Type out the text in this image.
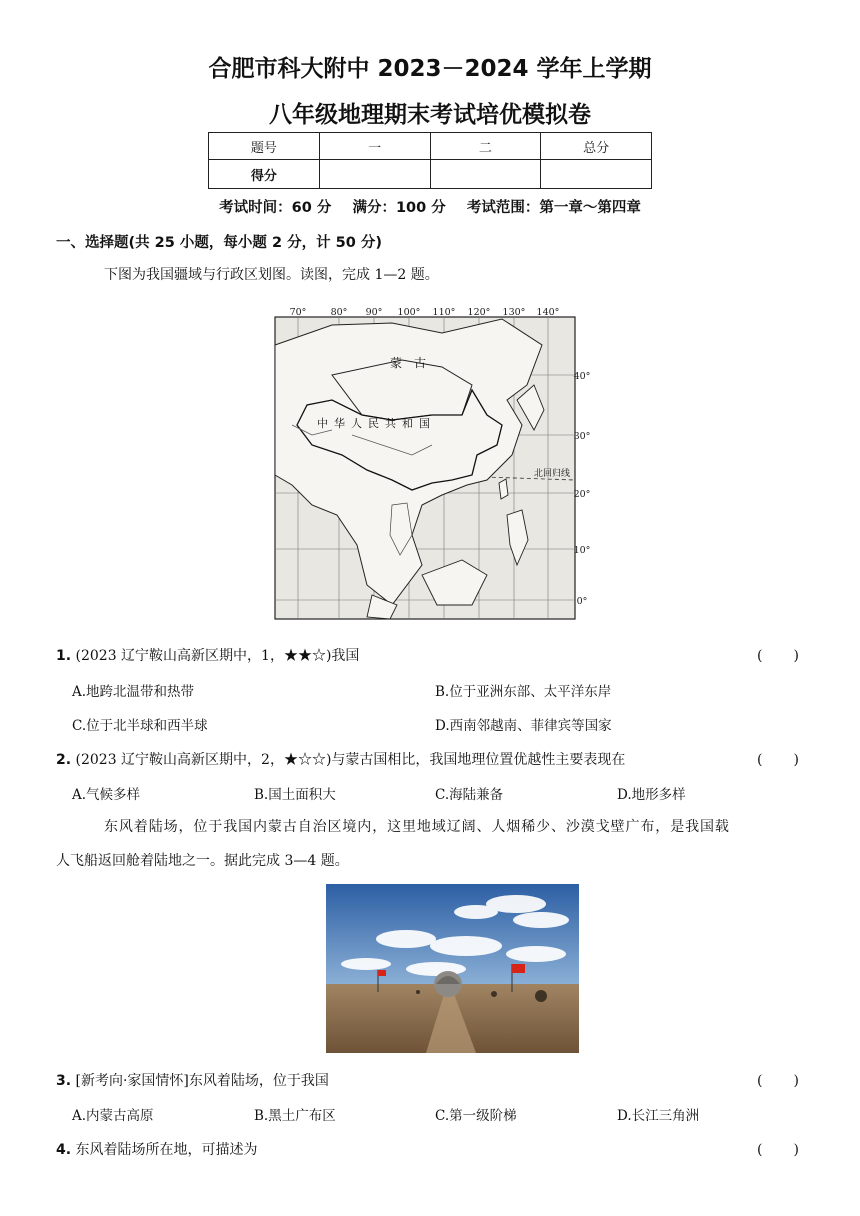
合肥市科大附中 2023－2024 学年上学期
八年级地理期末考试培优模拟卷
题号	一	二	总分
得分			
考试时间：60 分 满分：100 分 考试范围：第一章～第四章
一、选择题(共 25 小题，每小题 2 分，计 50 分)
下图为我国疆域与行政区划图。读图，完成 1—2 题。
70°	80° 90° 100° 110° 120° 130° 140°
40°
30°
20°
10°
0°
蒙　古
中华人民共和国
北回归线
1. (2023 辽宁鞍山高新区期中，1，★★☆)我国	(　　)
A.地跨北温带和热带	B.位于亚洲东部、太平洋东岸
C.位于北半球和西半球	D.西南邻越南、菲律宾等国家
2. (2023 辽宁鞍山高新区期中，2，★☆☆)与蒙古国相比，我国地理位置优越性主要表现在	(　　)
A.气候多样	B.国土面积大	C.海陆兼备	D.地形多样
东风着陆场，位于我国内蒙古自治区境内，这里地域辽阔、人烟稀少、沙漠戈壁广布，是我国载
人飞船返回舱着陆地之一。据此完成 3—4 题。
3. [新考向·家国情怀]东风着陆场，位于我国	(　　)
A.内蒙古高原	B.黑土广布区	C.第一级阶梯	D.长江三角洲
4. 东风着陆场所在地，可描述为	(　　)
